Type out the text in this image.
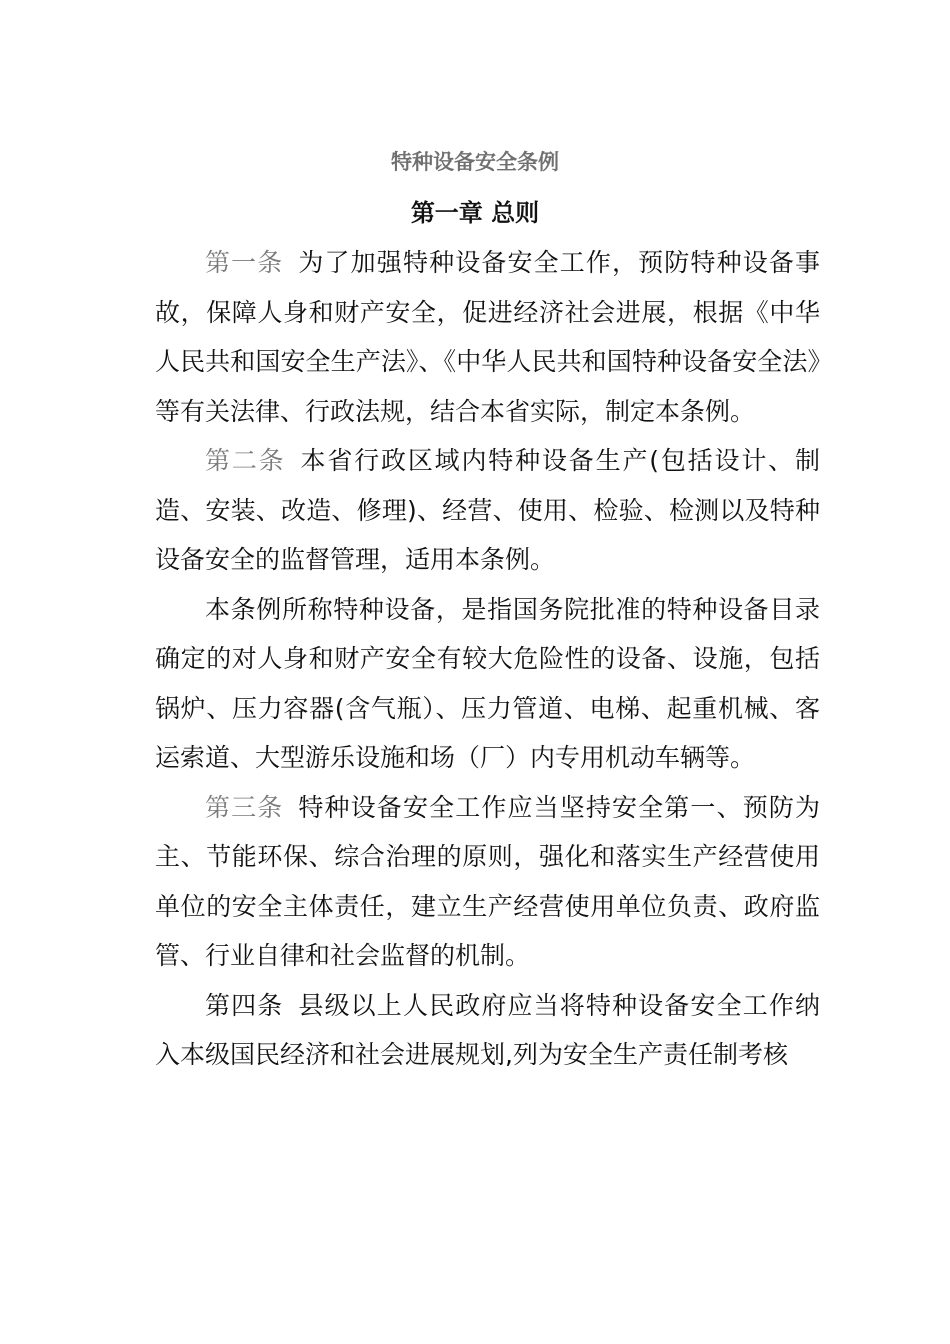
特种设备安全条例
第一章 总则

第一条 为了加强特种设备安全工作，预防特种设备事故，保障人身和财产安全，促进经济社会进展，根据《中华人民共和国安全生产法》、《中华人民共和国特种设备安全法》等有关法律、行政法规，结合本省实际，制定本条例。

第二条 本省行政区域内特种设备生产(包括设计、制造、安装、改造、修理)、经营、使用、检验、检测以及特种设备安全的监督管理，适用本条例。

本条例所称特种设备，是指国务院批准的特种设备目录确定的对人身和财产安全有较大危险性的设备、设施，包括锅炉、压力容器(含气瓶）、压力管道、电梯、起重机械、客运索道、大型游乐设施和场（厂）内专用机动车辆等。

第三条 特种设备安全工作应当坚持安全第一、预防为主、节能环保、综合治理的原则，强化和落实生产经营使用单位的安全主体责任，建立生产经营使用单位负责、政府监管、行业自律和社会监督的机制。

第四条 县级以上人民政府应当将特种设备安全工作纳入本级国民经济和社会进展规划,列为安全生产责任制考核
